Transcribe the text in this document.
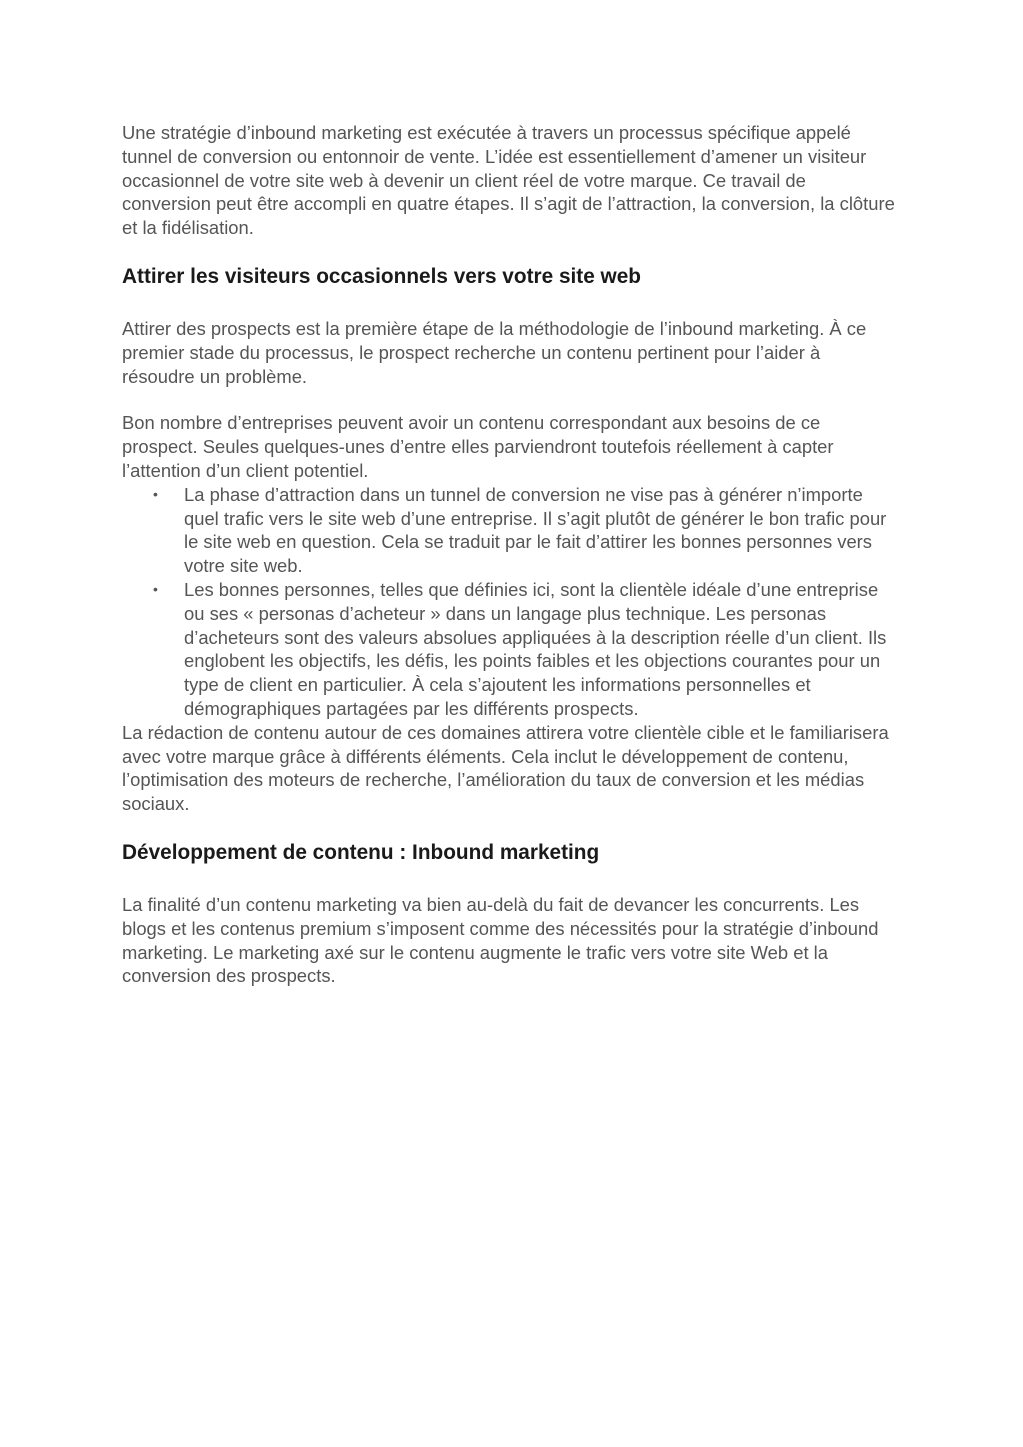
Une stratégie d’inbound marketing est exécutée à travers un processus spécifique appelé tunnel de conversion ou entonnoir de vente. L’idée est essentiellement d’amener un visiteur occasionnel de votre site web à devenir un client réel de votre marque. Ce travail de conversion peut être accompli en quatre étapes. Il s’agit de l’attraction, la conversion, la clôture et la fidélisation.

Attirer les visiteurs occasionnels vers votre site web

Attirer des prospects est la première étape de la méthodologie de l’inbound marketing. À ce premier stade du processus, le prospect recherche un contenu pertinent pour l’aider à résoudre un problème.

Bon nombre d’entreprises peuvent avoir un contenu correspondant aux besoins de ce prospect. Seules quelques-unes d’entre elles parviendront toutefois réellement à capter l’attention d’un client potentiel.

• La phase d’attraction dans un tunnel de conversion ne vise pas à générer n’importe quel trafic vers le site web d’une entreprise. Il s’agit plutôt de générer le bon trafic pour le site web en question. Cela se traduit par le fait d’attirer les bonnes personnes vers votre site web.
• Les bonnes personnes, telles que définies ici, sont la clientèle idéale d’une entreprise ou ses « personas d’acheteur » dans un langage plus technique. Les personas d’acheteurs sont des valeurs absolues appliquées à la description réelle d’un client. Ils englobent les objectifs, les défis, les points faibles et les objections courantes pour un type de client en particulier. À cela s’ajoutent les informations personnelles et démographiques partagées par les différents prospects.

La rédaction de contenu autour de ces domaines attirera votre clientèle cible et le familiarisera avec votre marque grâce à différents éléments. Cela inclut le développement de contenu, l’optimisation des moteurs de recherche, l’amélioration du taux de conversion et les médias sociaux.

Développement de contenu : Inbound marketing

La finalité d’un contenu marketing va bien au-delà du fait de devancer les concurrents. Les blogs et les contenus premium s’imposent comme des nécessités pour la stratégie d’inbound marketing. Le marketing axé sur le contenu augmente le trafic vers votre site Web et la conversion des prospects.
